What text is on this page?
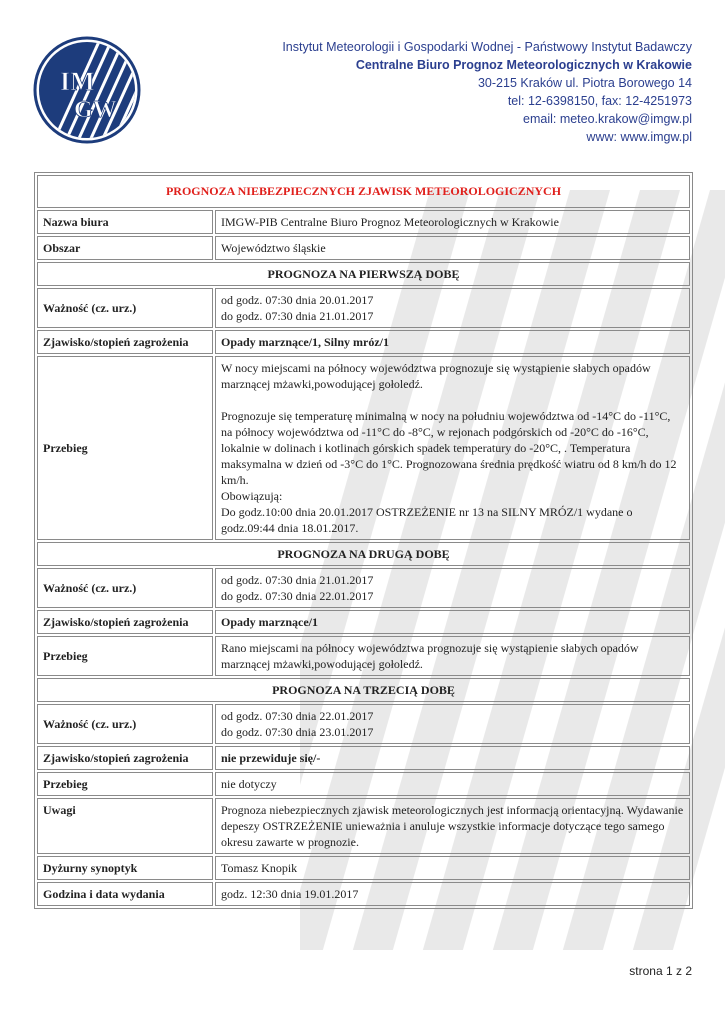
IM
GW
Instytut Meteorologii i Gospodarki Wodnej - Państwowy Instytut Badawczy
Centralne Biuro Prognoz Meteorologicznych w Krakowie
30-215 Kraków ul. Piotra Borowego 14
tel: 12-6398150, fax: 12-4251973
email: meteo.krakow@imgw.pl
www: www.imgw.pl
PROGNOZA NIEBEZPIECZNYCH ZJAWISK METEOROLOGICZNYCH	
Nazwa biura	IMGW-PIB Centralne Biuro Prognoz Meteorologicznych w Krakowie
Obszar	Województwo śląskie
PROGNOZA NA PIERWSZĄ DOBĘ	
Ważność (cz. urz.)	od godz. 07:30 dnia 20.01.2017
do godz. 07:30 dnia 21.01.2017

Zjawisko/stopień zagrożenia	Opady marznące/1, Silny mróz/1
Przebieg	W nocy miejscami na północy województwa prognozuje się wystąpienie słabych opadów marznącej mżawki,powodującej gołoledź.
Prognozuje się temperaturę minimalną w nocy na południu województwa od -14°C do -11°C, na północy województwa od -11°C do -8°C, w rejonach podgórskich od -20°C do -16°C, lokalnie w dolinach i kotlinach górskich spadek temperatury do -20°C, . Temperatura maksymalna w dzień od -3°C do 1°C. Prognozowana średnia prędkość wiatru od 8 km/h do 12 km/h.
Obowiązują:
Do godz.10:00 dnia 20.01.2017 OSTRZEŻENIE nr 13 na SILNY MRÓZ/1 wydane o godz.09:44 dnia 18.01.2017.

PROGNOZA NA DRUGĄ DOBĘ	
Ważność (cz. urz.)	od godz. 07:30 dnia 21.01.2017
do godz. 07:30 dnia 22.01.2017

Zjawisko/stopień zagrożenia	Opady marznące/1
Przebieg	Rano miejscami na północy województwa prognozuje się wystąpienie słabych opadów marznącej mżawki,powodującej gołoledź.
PROGNOZA NA TRZECIĄ DOBĘ	
Ważność (cz. urz.)	od godz. 07:30 dnia 22.01.2017
do godz. 07:30 dnia 23.01.2017

Zjawisko/stopień zagrożenia	nie przewiduje się/-
Przebieg	nie dotyczy
Uwagi	Prognoza niebezpiecznych zjawisk meteorologicznych jest informacją orientacyjną. Wydawanie depeszy OSTRZEŻENIE unieważnia i anuluje wszystkie informacje dotyczące tego samego okresu zawarte w prognozie.
Dyżurny synoptyk	Tomasz Knopik
Godzina i data wydania	godz. 12:30 dnia 19.01.2017
strona 1 z 2
